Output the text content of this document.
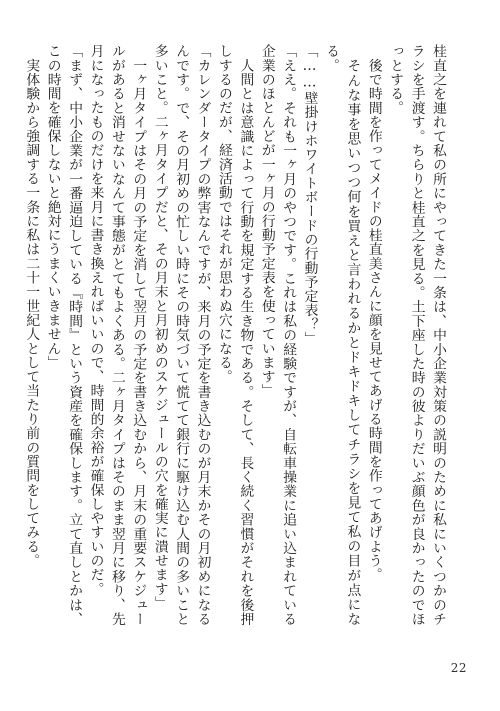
桂直之を連れて私の所にやってきた一条は、中小企業対策の説明のために私にいくつかのチラシを手渡す。ちらりと桂直之を見る。土下座した時の彼よりだいぶ顔色が良かったのでほっとする。

　後で時間を作ってメイドの桂直美さんに顔を見せてあげる時間を作ってあげよう。

　そんな事を思いつつ何を買えと言われるかとドキドキしてチラシを見て私の目が点になる。

「……壁掛けホワイトボードの行動予定表？」

「ええ。それも一ヶ月のやつです。これは私の経験ですが、自転車操業に追い込まれている企業のほとんどが一ヶ月の行動予定表を使っています」

　人間とは意識によって行動を規定する生き物である。そして、長く続く習慣がそれを後押しするのだが、経済活動ではそれが思わぬ穴になる。

「カレンダータイプの弊害なんですが、来月の予定を書き込むのが月末かその月初めになるんです。で、その月初めの忙しい時にその時気づいて慌てて銀行に駆け込む人間の多いこと多いこと。二ヶ月タイプだと、その月末と月初めのスケジュールの穴を確実に潰せます」

　一ヶ月タイプはその月の予定を消して翌月の予定を書き込むから、月末の重要スケジュールがあると消せないなんて事態がとてもよくある。二ヶ月タイプはそのまま翌月に移り、先月になったものだけを来月に書き換えればいいので、時間的余裕が確保しやすいのだ。

「まず、中小企業が一番逼迫している『時間』という資産を確保します。立て直しとかは、この時間を確保しないと絶対にうまくいきません」

　実体験から強調する一条に私は二十一世紀人として当たり前の質問をしてみる。

22
